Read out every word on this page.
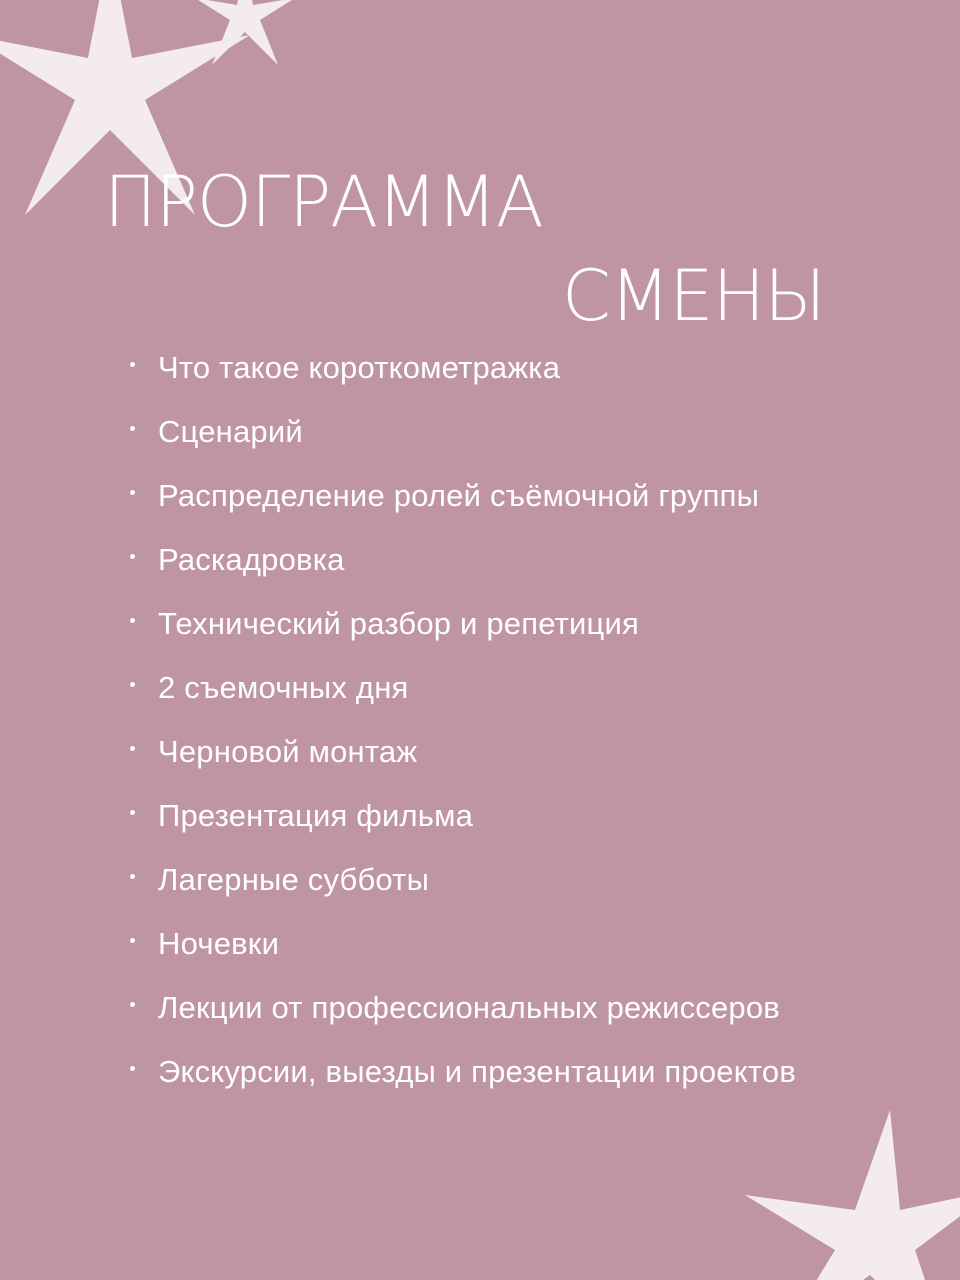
ПРОГРАММА
СМЕНЫ
Что такое короткометражка
Сценарий
Распределение ролей съёмочной группы
Раскадровка
Технический разбор и репетиция
2 съемочных дня
Черновой монтаж
Презентация фильма
Лагерные субботы
Ночевки
Лекции от профессиональных режиссеров
Экскурсии, выезды и презентации проектов
